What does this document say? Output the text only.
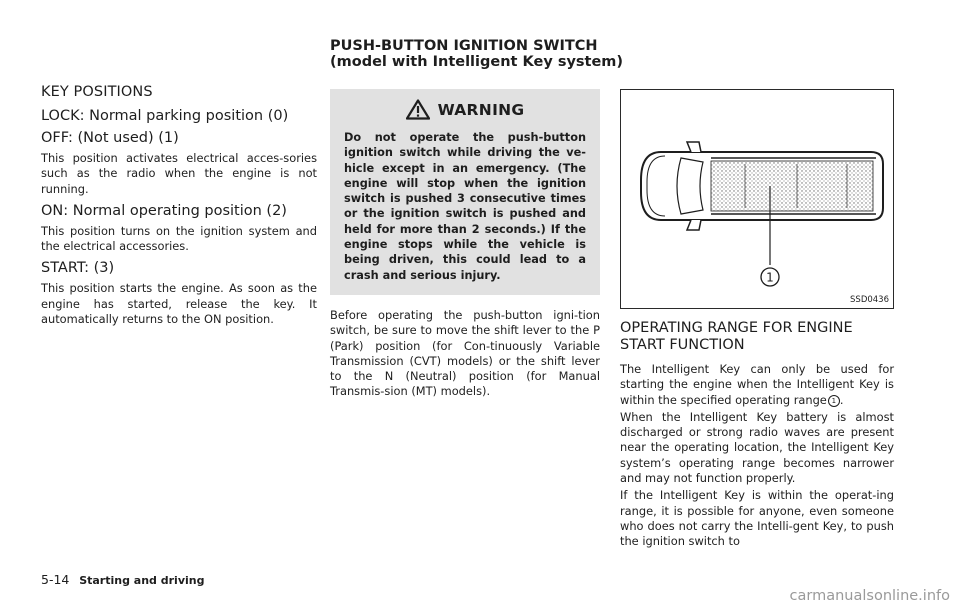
PUSH-BUTTON IGNITION SWITCH
(model with Intelligent Key system)
KEY POSITIONS
LOCK: Normal parking position (0)
OFF: (Not used) (1)

This position activates electrical acces-sories such as the radio when the engine is not running.

ON: Normal operating position (2)

This position turns on the ignition system and the electrical accessories.

START: (3)

This position starts the engine. As soon as the engine has started, release the key. It automatically returns to the ON position.

WARNING
Do not operate the push-button ignition switch while driving the ve-hicle except in an emergency. (The engine will stop when the ignition switch is pushed 3 consecutive times or the ignition switch is pushed and held for more than 2 seconds.) If the engine stops while the vehicle is being driven, this could lead to a crash and serious injury.

Before operating the push-button igni-tion switch, be sure to move the shift lever to the P (Park) position (for Con-tinuously Variable Transmission (CVT) models) or the shift lever to the N (Neutral) position (for Manual Transmis-sion (MT) models).

1
SSD0436
OPERATING RANGE FOR ENGINE
START FUNCTION

The Intelligent Key can only be used for starting the engine when the Intelligent Key is within the specified operating range 1 .

When the Intelligent Key battery is almost discharged or strong radio waves are present near the operating location, the Intelligent Key system’s operating range becomes narrower and may not function properly.

If the Intelligent Key is within the operat-ing range, it is possible for anyone, even someone who does not carry the Intelli-gent Key, to push the ignition switch to

5-14 Starting and driving
carmanualsonline.info
